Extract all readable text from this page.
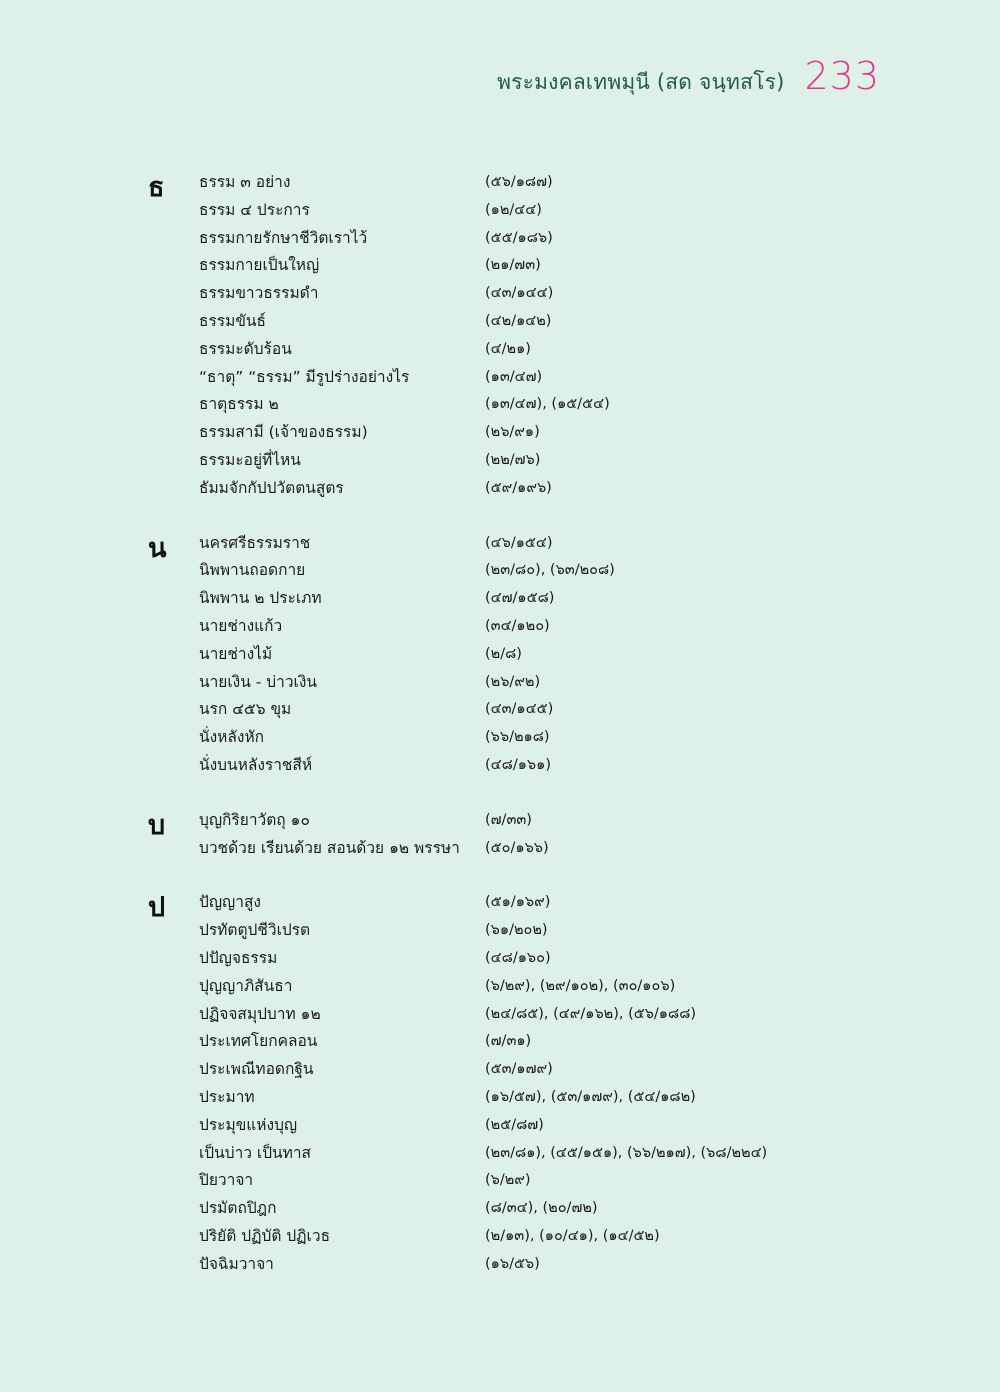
พระมงคลเทพมุนี (สด จนฺทสโร) 233
ธ ธรรม ๓ อย่าง	(๕๖/๑๘๗)
ธรรม ๔ ประการ	(๑๒/๔๔)
ธรรมกายรักษาชีวิตเราไว้	(๕๕/๑๘๖)
ธรรมกายเป็นใหญ่	(๒๑/๗๓)
ธรรมขาวธรรมดำ	(๔๓/๑๔๔)
ธรรมขันธ์	(๔๒/๑๔๒)
ธรรมะดับร้อน	(๔/๒๑)
“ธาตุ” “ธรรม” มีรูปร่างอย่างไร	(๑๓/๔๗)
ธาตุธรรม ๒	(๑๓/๔๗), (๑๕/๕๔)
ธรรมสามี (เจ้าของธรรม)	(๒๖/๙๑)
ธรรมะอยู่ที่ไหน	(๒๒/๗๖)
ธัมมจักกัปปวัตตนสูตร	(๕๙/๑๙๖)
น นครศรีธรรมราช	(๔๖/๑๕๔)
นิพพานถอดกาย	(๒๓/๘๐), (๖๓/๒๐๘)
นิพพาน ๒ ประเภท	(๔๗/๑๕๘)
นายช่างแก้ว	(๓๔/๑๒๐)
นายช่างไม้	(๒/๘)
นายเงิน - บ่าวเงิน	(๒๖/๙๒)
นรก ๔๕๖ ขุม	(๔๓/๑๔๕)
นั่งหลังหัก	(๖๖/๒๑๘)
นั่งบนหลังราชสีห์	(๔๘/๑๖๑)
บ บุญกิริยาวัตถุ ๑๐	(๗/๓๓)
บวชด้วย เรียนด้วย สอนด้วย ๑๒ พรรษา (๕๐/๑๖๖)
ป ปัญญาสูง	(๕๑/๑๖๙)
ปรทัตตูปชีวิเปรต	(๖๑/๒๐๒)
ปปัญจธรรม	(๔๘/๑๖๐)
ปุญญาภิสันธา	(๖/๒๙), (๒๙/๑๐๒), (๓๐/๑๐๖)
ปฏิจจสมุปบาท ๑๒	(๒๔/๘๕), (๔๙/๑๖๒), (๕๖/๑๘๘)
ประเทศโยกคลอน	(๗/๓๑)
ประเพณีทอดกฐิน	(๕๓/๑๗๙)
ประมาท	(๑๖/๕๗), (๕๓/๑๗๙), (๕๔/๑๘๒)
ประมุขแห่งบุญ	(๒๕/๘๗)
เป็นบ่าว เป็นทาส	(๒๓/๘๑), (๔๕/๑๕๑), (๖๖/๒๑๗), (๖๘/๒๒๔)
ปิยวาจา	(๖/๒๙)
ปรมัตถปิฎก	(๘/๓๔), (๒๐/๗๒)
ปริยัติ ปฏิบัติ ปฏิเวธ	(๒/๑๓), (๑๐/๔๑), (๑๔/๕๒)
ปัจฉิมวาจา	(๑๖/๕๖)
